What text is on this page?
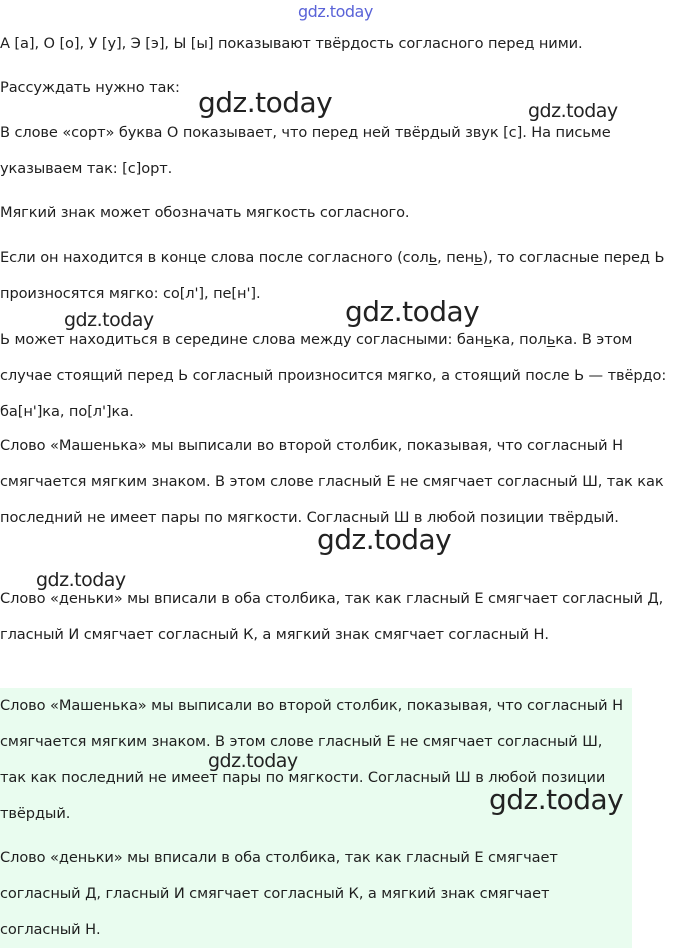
А [а], О [о], У [у], Э [э], Ы [ы] показывают твёрдость согласного перед ними.

Рассуждать нужно так:

В слове «сорт» буква О показывает, что перед ней твёрдый звук [с]. На письме указываем так: [с]орт.

Мягкий знак может обозначать мягкость согласного.

Если он находится в конце слова после согласного (соль, пень), то согласные перед Ь произносятся мягко: со[л'], пе[н'].

Ь может находиться в середине слова между согласными: банька, полька. В этом случае стоящий перед Ь согласный произносится мягко, а стоящий после Ь — твёрдо: ба[н']ка, по[л']ка.

Слово «Машенька» мы выписали во второй столбик, показывая, что согласный Н смягчается мягким знаком. В этом слове гласный Е не смягчает согласный Ш, так как последний не имеет пары по мягкости. Согласный Ш в любой позиции твёрдый.

Слово «деньки» мы вписали в оба столбика, так как гласный Е смягчает согласный Д, гласный И смягчает согласный К, а мягкий знак смягчает согласный Н.

Слово «Машенька» мы выписали во второй столбик, показывая, что согласный Н смягчается мягким знаком. В этом слове гласный Е не смягчает согласный Ш, так как последний не имеет пары по мягкости. Согласный Ш в любой позиции твёрдый.

Слово «деньки» мы вписали в оба столбика, так как гласный Е смягчает согласный Д, гласный И смягчает согласный К, а мягкий знак смягчает согласный Н.

gdz.today
gdz.today	gdz.today
gdz.today	gdz.today
gdz.today
gdz.today
gdz.today
gdz.today
